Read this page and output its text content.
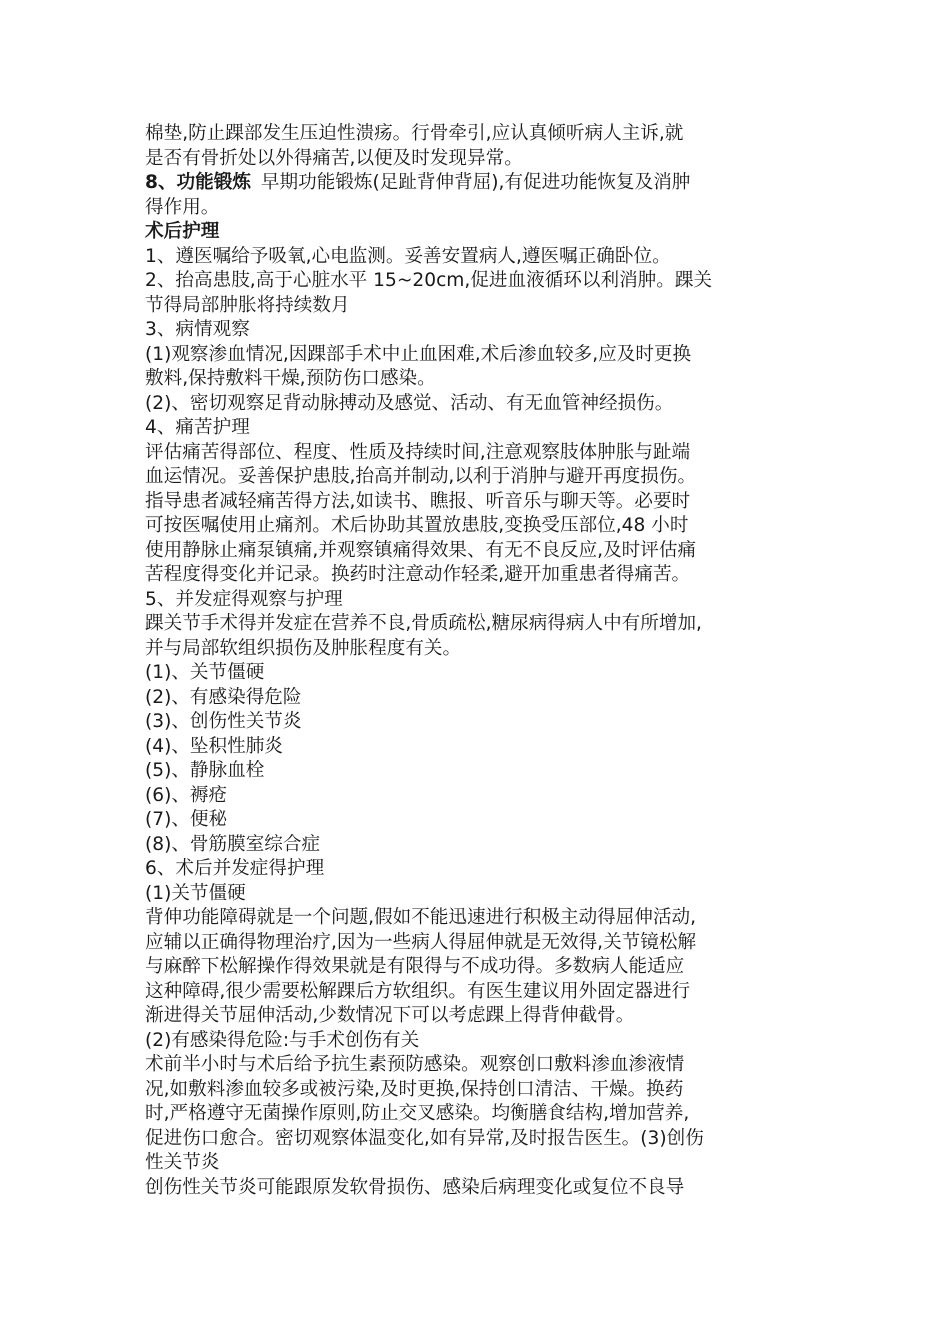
棉垫,防止踝部发生压迫性溃疡。行骨牵引,应认真倾听病人主诉,就
是否有骨折处以外得痛苦,以便及时发现异常。
8、功能锻炼 早期功能锻炼(足趾背伸背屈),有促进功能恢复及消肿
得作用。
术后护理
1、遵医嘱给予吸氧,心电监测。妥善安置病人,遵医嘱正确卧位。
2、抬高患肢,高于心脏水平 15~20cm,促进血液循环以利消肿。踝关
节得局部肿胀将持续数月
3、病情观察
(1)观察渗血情况,因踝部手术中止血困难,术后渗血较多,应及时更换
敷料,保持敷料干燥,预防伤口感染。
(2)、密切观察足背动脉搏动及感觉、活动、有无血管神经损伤。
4、痛苦护理
评估痛苦得部位、程度、性质及持续时间,注意观察肢体肿胀与趾端
血运情况。妥善保护患肢,抬高并制动,以利于消肿与避开再度损伤。
指导患者减轻痛苦得方法,如读书、瞧报、听音乐与聊天等。必要时
可按医嘱使用止痛剂。术后协助其置放患肢,变换受压部位,48 小时
使用静脉止痛泵镇痛,并观察镇痛得效果、有无不良反应,及时评估痛
苦程度得变化并记录。换药时注意动作轻柔,避开加重患者得痛苦。
5、并发症得观察与护理
踝关节手术得并发症在营养不良,骨质疏松,糖尿病得病人中有所增加,
并与局部软组织损伤及肿胀程度有关。
(1)、关节僵硬
(2)、有感染得危险
(3)、创伤性关节炎
(4)、坠积性肺炎
(5)、静脉血栓
(6)、褥疮
(7)、便秘
(8)、骨筋膜室综合症
6、术后并发症得护理
(1)关节僵硬
背伸功能障碍就是一个问题,假如不能迅速进行积极主动得屈伸活动,
应辅以正确得物理治疗,因为一些病人得屈伸就是无效得,关节镜松解
与麻醉下松解操作得效果就是有限得与不成功得。多数病人能适应
这种障碍,很少需要松解踝后方软组织。有医生建议用外固定器进行
渐进得关节屈伸活动,少数情况下可以考虑踝上得背伸截骨。
(2)有感染得危险:与手术创伤有关
术前半小时与术后给予抗生素预防感染。观察创口敷料渗血渗液情
况,如敷料渗血较多或被污染,及时更换,保持创口清洁、干燥。换药
时,严格遵守无菌操作原则,防止交叉感染。均衡膳食结构,增加营养,
促进伤口愈合。密切观察体温变化,如有异常,及时报告医生。(3)创伤
性关节炎
创伤性关节炎可能跟原发软骨损伤、感染后病理变化或复位不良导
